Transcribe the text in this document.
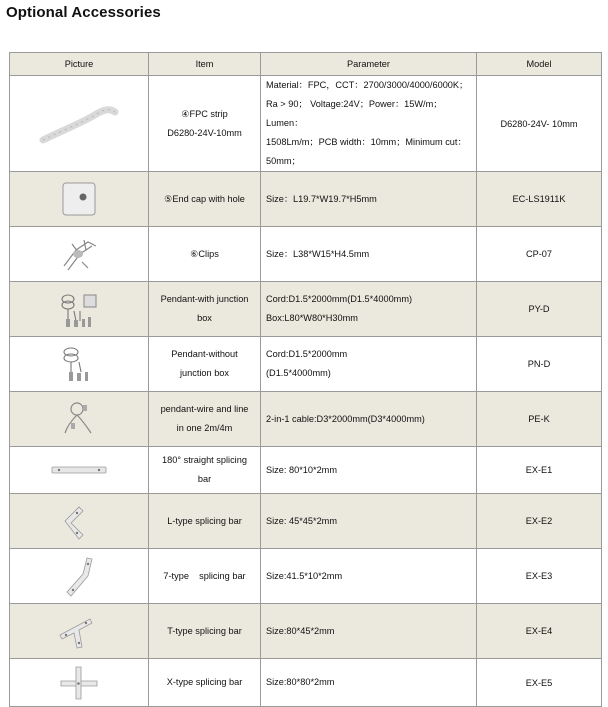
Optional Accessories
Picture	Item	Parameter	Model

	④FPC strip
D6280-24V-10mm	Material：FPC，CCT：2700/3000/4000/6000K；
Ra > 90； Voltage:24V；Power：15W/m；Lumen：
1508Lm/m；PCB width：10mm；Minimum cut：
50mm；	D6280-24V- 10mm

	⑤End cap with hole	Size：L19.7*W19.7*H5mm	EC-LS1911K

	⑥Clips	Size：L38*W15*H4.5mm	CP-07

	Pendant-with junction
box	Cord:D1.5*2000mm(D1.5*4000mm)
Box:L80*W80*H30mm	PY-D

	Pendant-without
junction box	Cord:D1.5*2000mm
(D1.5*4000mm)	PN-D

	pendant-wire and line
in one 2m/4m	2-in-1 cable:D3*2000mm(D3*4000mm)	PE-K

	180° straight splicing
bar	Size: 80*10*2mm	EX-E1

	L-type splicing bar	Size: 45*45*2mm	EX-E2

	7-type    splicing bar	Size:41.5*10*2mm	EX-E3

	T-type splicing bar	Size:80*45*2mm	EX-E4

	X-type splicing bar	Size:80*80*2mm	EX-E5
